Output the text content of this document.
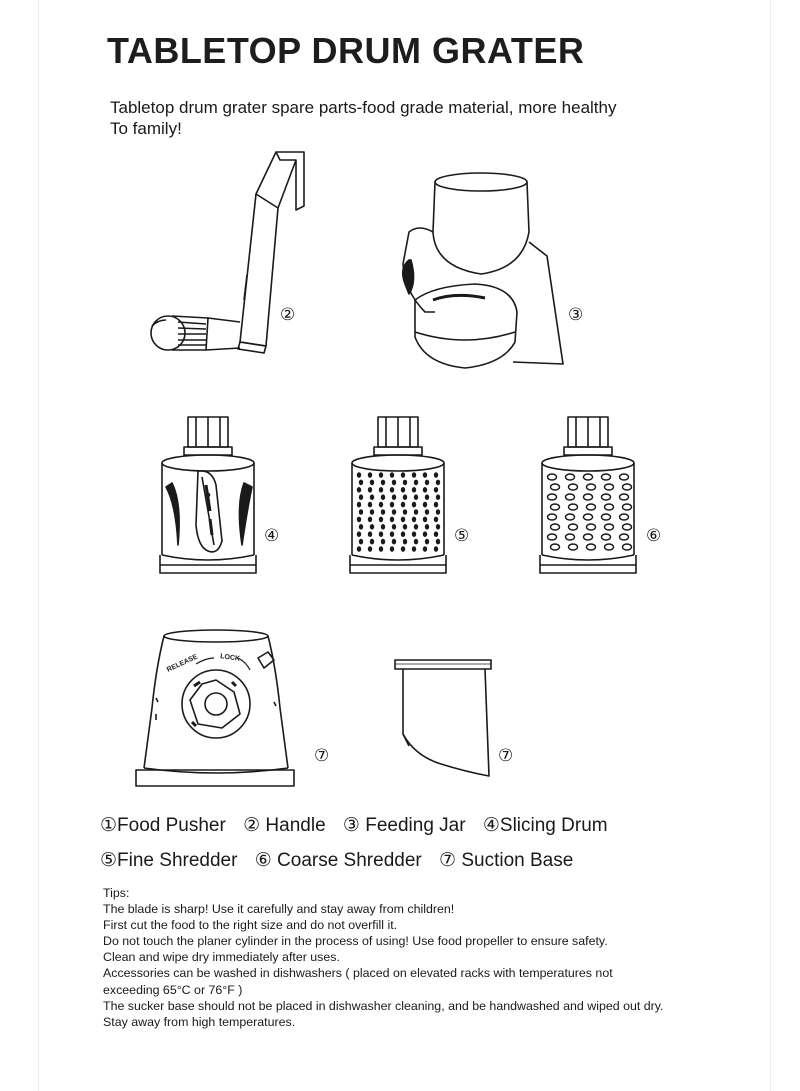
TABLETOP DRUM GRATER

Tabletop drum grater spare parts-food grade material, more healthy
To family!

②	③
④	⑤	⑥
RELEASE	LOCK
⑦	⑦
①Food Pusher ② Handle ③ Feeding Jar ④Slicing Drum
⑤Fine Shredder ⑥ Coarse Shredder ⑦ Suction Base
Tips:
The blade is sharp! Use it carefully and stay away from children!
First cut the food to the right size and do not overfill it.
Do not touch the planer cylinder in the process of using! Use food propeller to ensure safety.
Clean and wipe dry immediately after uses.
Accessories can be washed in dishwashers ( placed on elevated racks with temperatures not
exceeding 65°C or 76°F )
The sucker base should not be placed in dishwasher cleaning, and be handwashed and wiped out dry.
Stay away from high temperatures.
